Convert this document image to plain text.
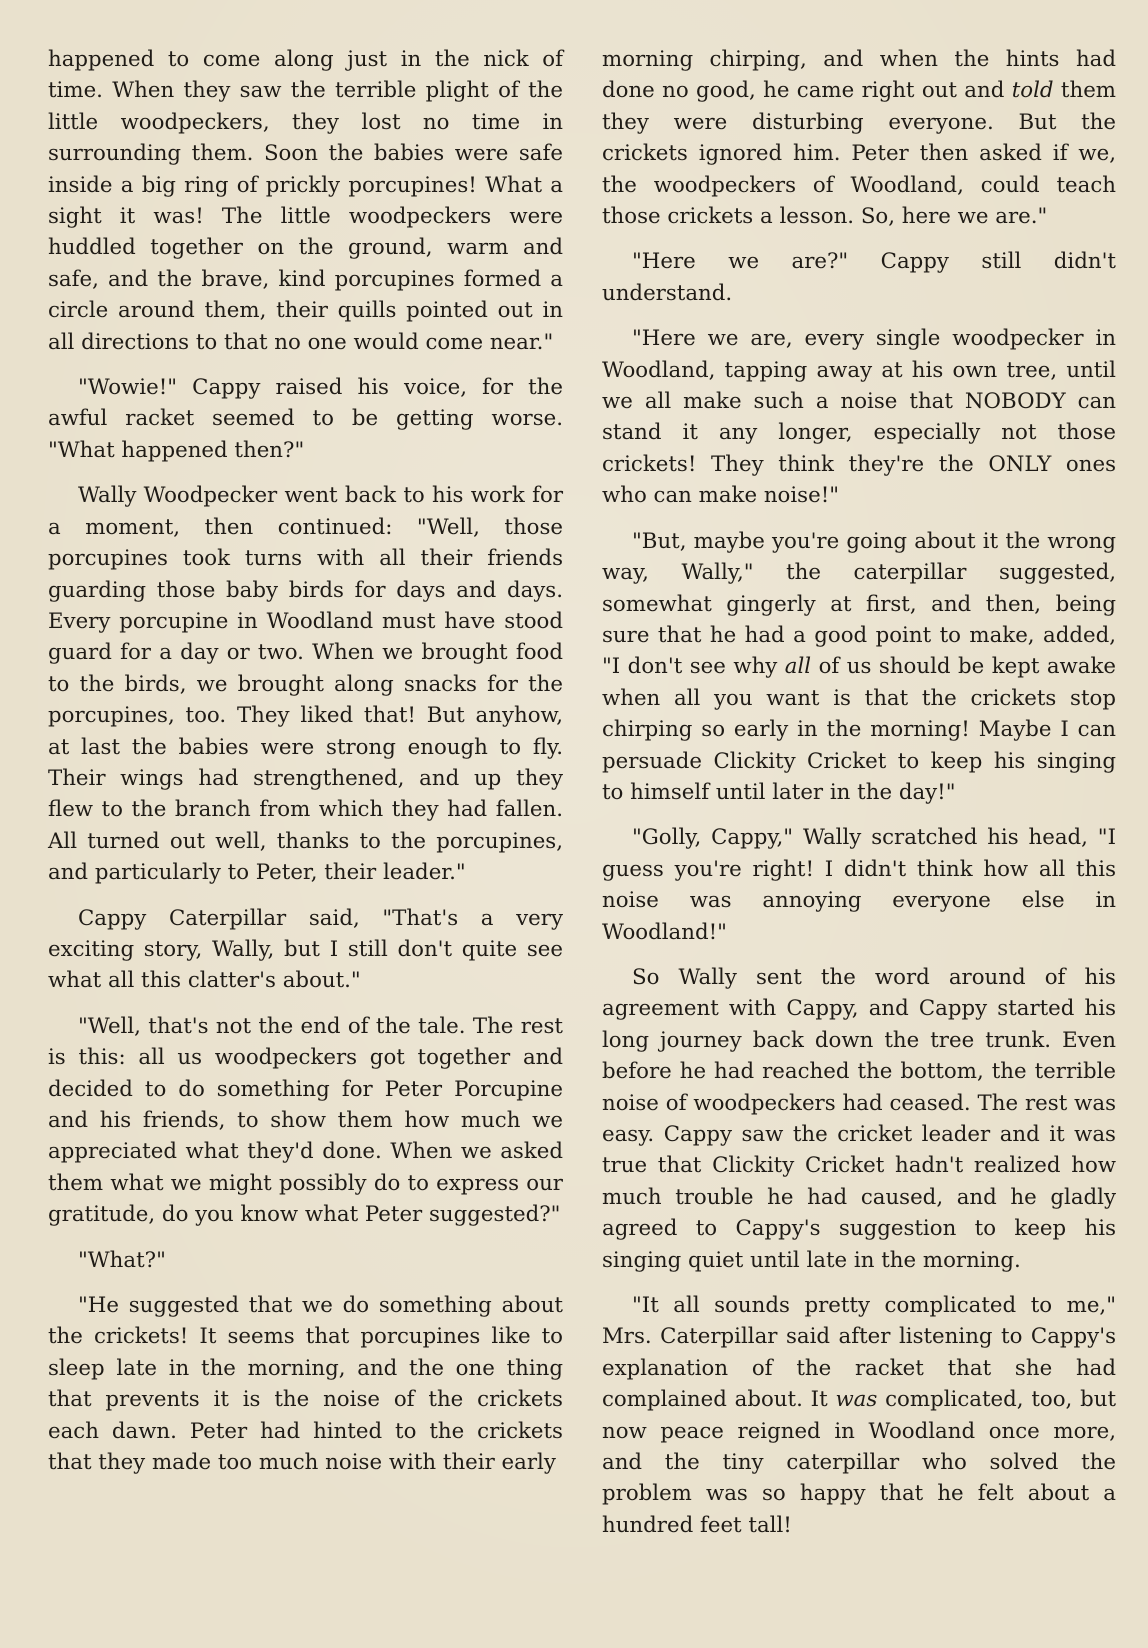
happened to come along just in the nick of time. When they saw the terrible plight of the little woodpeckers, they lost no time in surrounding them. Soon the babies were safe inside a big ring of prickly porcupines! What a sight it was! The little woodpeckers were huddled together on the ground, warm and safe, and the brave, kind porcupines formed a circle around them, their quills pointed out in all directions to that no one would come near."

"Wowie!" Cappy raised his voice, for the awful racket seemed to be getting worse. "What happened then?"

Wally Woodpecker went back to his work for a moment, then continued: "Well, those porcupines took turns with all their friends guarding those baby birds for days and days. Every porcupine in Woodland must have stood guard for a day or two. When we brought food to the birds, we brought along snacks for the porcupines, too. They liked that! But anyhow, at last the babies were strong enough to fly. Their wings had strengthened, and up they flew to the branch from which they had fallen. All turned out well, thanks to the porcupines, and particularly to Peter, their leader."

Cappy Caterpillar said, "That's a very exciting story, Wally, but I still don't quite see what all this clatter's about."

"Well, that's not the end of the tale. The rest is this: all us woodpeckers got together and decided to do something for Peter Porcupine and his friends, to show them how much we appreciated what they'd done. When we asked them what we might possibly do to express our gratitude, do you know what Peter suggested?"

"What?"

"He suggested that we do something about the crickets! It seems that porcupines like to sleep late in the morning, and the one thing that prevents it is the noise of the crickets each dawn. Peter had hinted to the crickets that they made too much noise with their early

morning chirping, and when the hints had done no good, he came right out and told them they were disturbing everyone. But the crickets ignored him. Peter then asked if we, the woodpeckers of Woodland, could teach those crickets a lesson. So, here we are."

"Here we are?" Cappy still didn't understand.

"Here we are, every single woodpecker in Woodland, tapping away at his own tree, until we all make such a noise that NOBODY can stand it any longer, especially not those crickets! They think they're the ONLY ones who can make noise!"

"But, maybe you're going about it the wrong way, Wally," the caterpillar suggested, somewhat gingerly at first, and then, being sure that he had a good point to make, added, "I don't see why all of us should be kept awake when all you want is that the crickets stop chirping so early in the morning! Maybe I can persuade Clickity Cricket to keep his singing to himself until later in the day!"

"Golly, Cappy," Wally scratched his head, "I guess you're right! I didn't think how all this noise was annoying everyone else in Woodland!"

So Wally sent the word around of his agreement with Cappy, and Cappy started his long journey back down the tree trunk. Even before he had reached the bottom, the terrible noise of woodpeckers had ceased. The rest was easy. Cappy saw the cricket leader and it was true that Clickity Cricket hadn't realized how much trouble he had caused, and he gladly agreed to Cappy's suggestion to keep his singing quiet until late in the morning.

"It all sounds pretty complicated to me," Mrs. Caterpillar said after listening to Cappy's explanation of the racket that she had complained about. It was complicated, too, but now peace reigned in Woodland once more, and the tiny caterpillar who solved the problem was so happy that he felt about a hundred feet tall!
